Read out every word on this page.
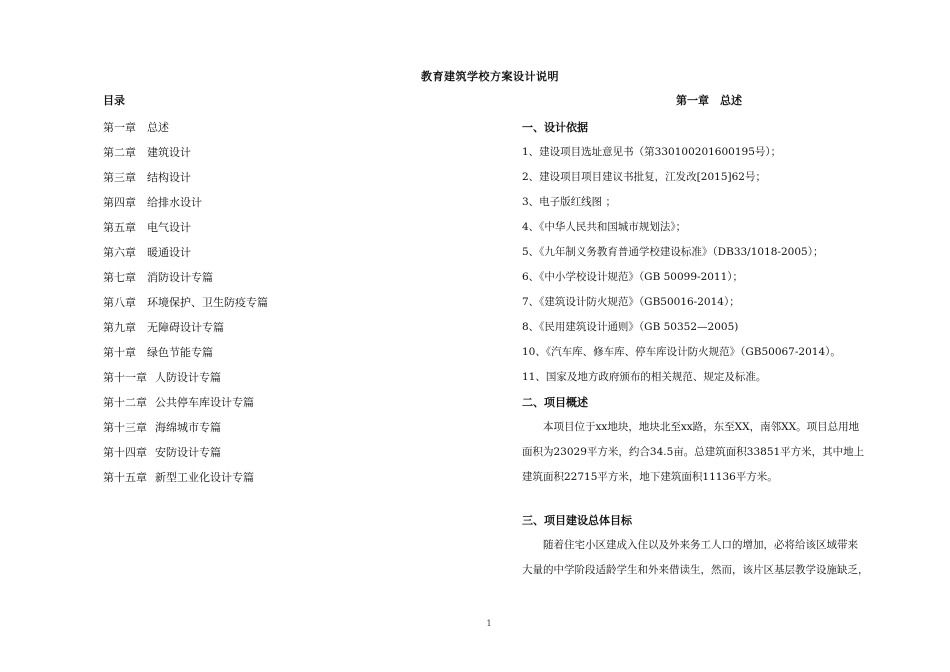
教育建筑学校方案设计说明
目录
第一章 总述
第二章 建筑设计
第三章 结构设计
第四章 给排水设计
第五章 电气设计
第六章 暖通设计
第七章 消防设计专篇
第八章 环境保护、卫生防疫专篇
第九章 无障碍设计专篇
第十章 绿色节能专篇
第十一章 人防设计专篇
第十二章 公共停车库设计专篇
第十三章 海绵城市专篇
第十四章 安防设计专篇
第十五章 新型工业化设计专篇
第一章　总述
一、设计依据
1、建设项目选址意见书（第330100201600195号）；
2、建设项目项目建议书批复，江发改[2015]62号；
3、电子版红线图 ；
4、《中华人民共和国城市规划法》；
5、《九年制义务教育普通学校建设标准》（DB33/1018-2005）；
6、《中小学校设计规范》（GB 50099-2011）；
7、《建筑设计防火规范》（GB50016-2014）；
8、《民用建筑设计通则》（GB 50352—2005)
10、《汽车库、修车库、停车库设计防火规范》（GB50067-2014）。
11、国家及地方政府颁布的相关规范、规定及标准。
二、项目概述

本项目位于xx地块，地块北至xx路，东至XX，南邻XX。项目总用地
面积为23029平方米，约合34.5亩。总建筑面积33851平方米，其中地上
建筑面积22715平方米，地下建筑面积11136平方米。

三、项目建设总体目标

随着住宅小区建成入住以及外来务工人口的增加，必将给该区域带来
大量的中学阶段适龄学生和外来借读生，然而，该片区基层教学设施缺乏，

1
